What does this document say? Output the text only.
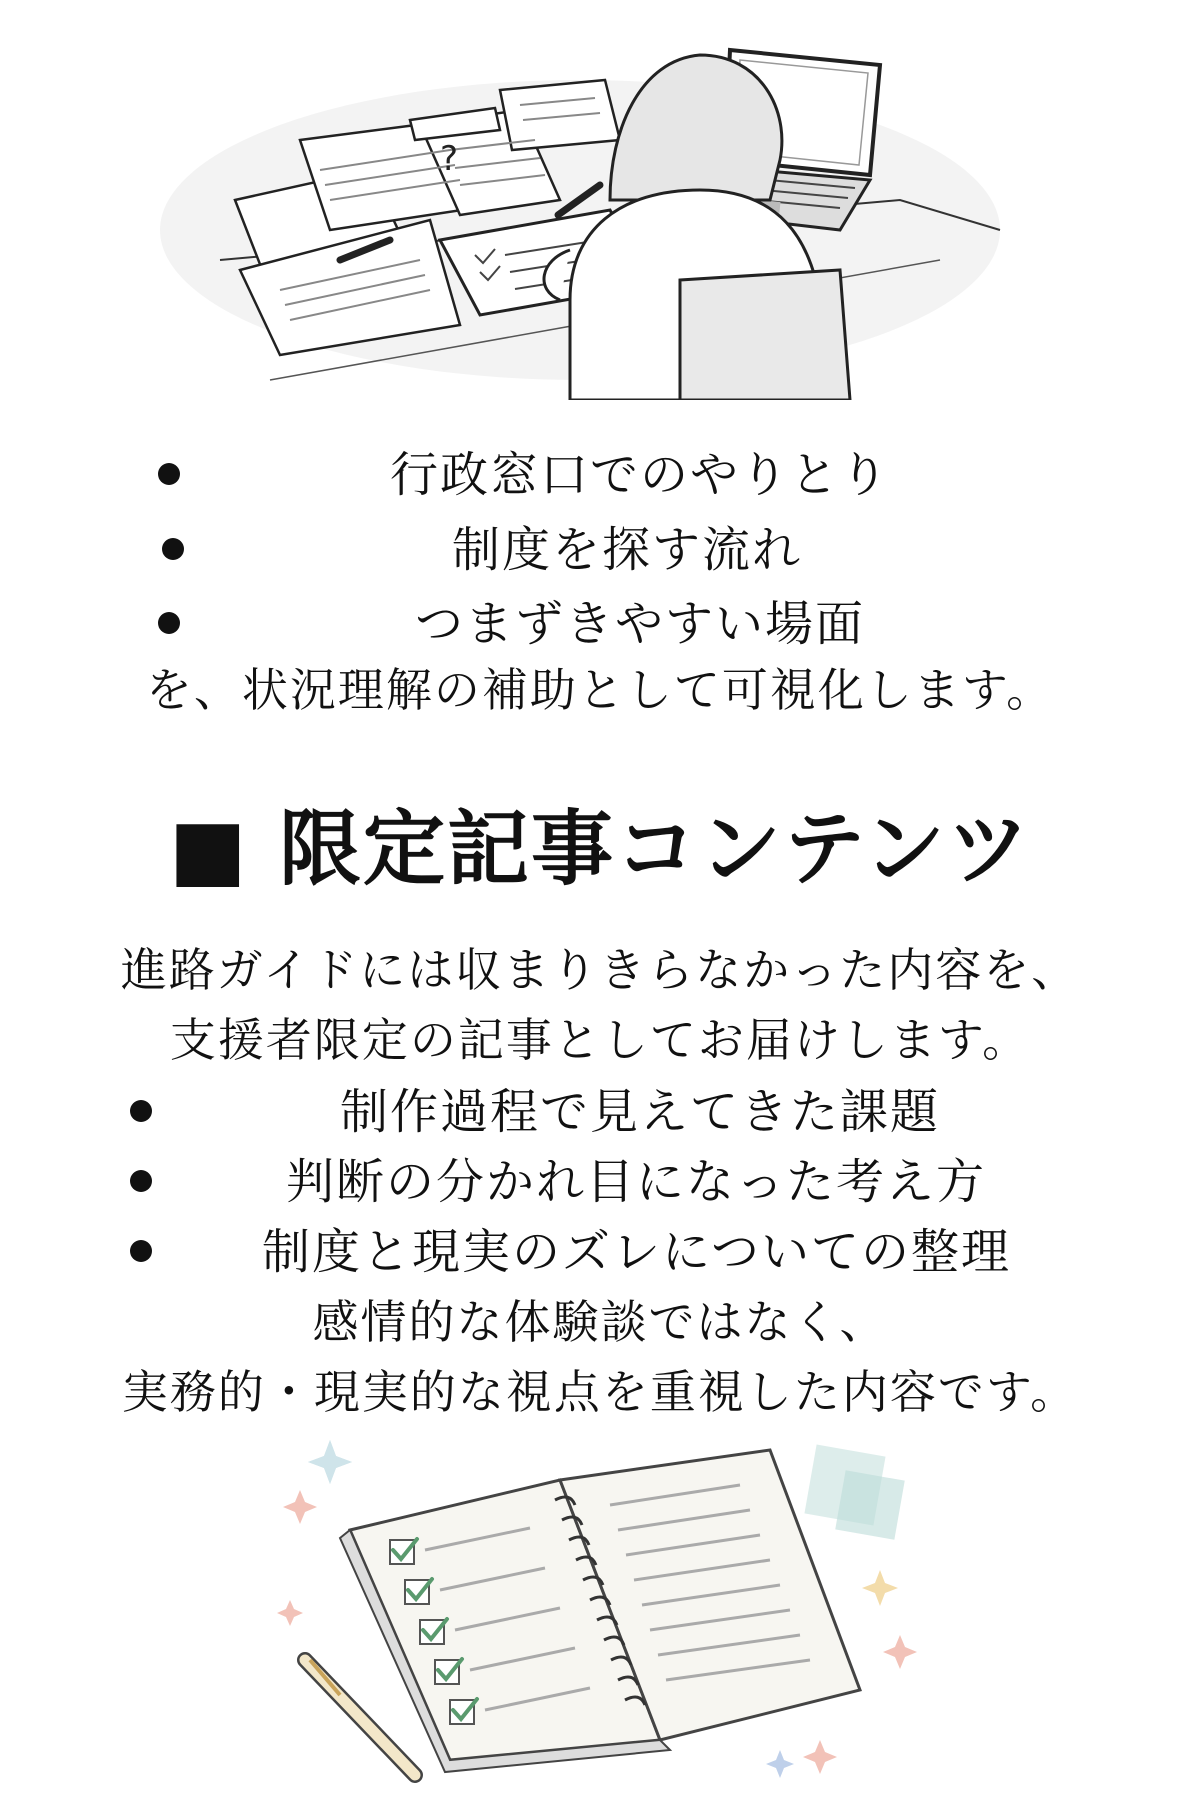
?
行政窓口でのやりとり
制度を探す流れ
つまずきやすい場面
を、状況理解の補助として可視化します。
■ 限定記事コンテンツ
進路ガイドには収まりきらなかった内容を、
支援者限定の記事としてお届けします。
制作過程で見えてきた課題
判断の分かれ目になった考え方
制度と現実のズレについての整理
感情的な体験談ではなく、
実務的・現実的な視点を重視した内容です。
